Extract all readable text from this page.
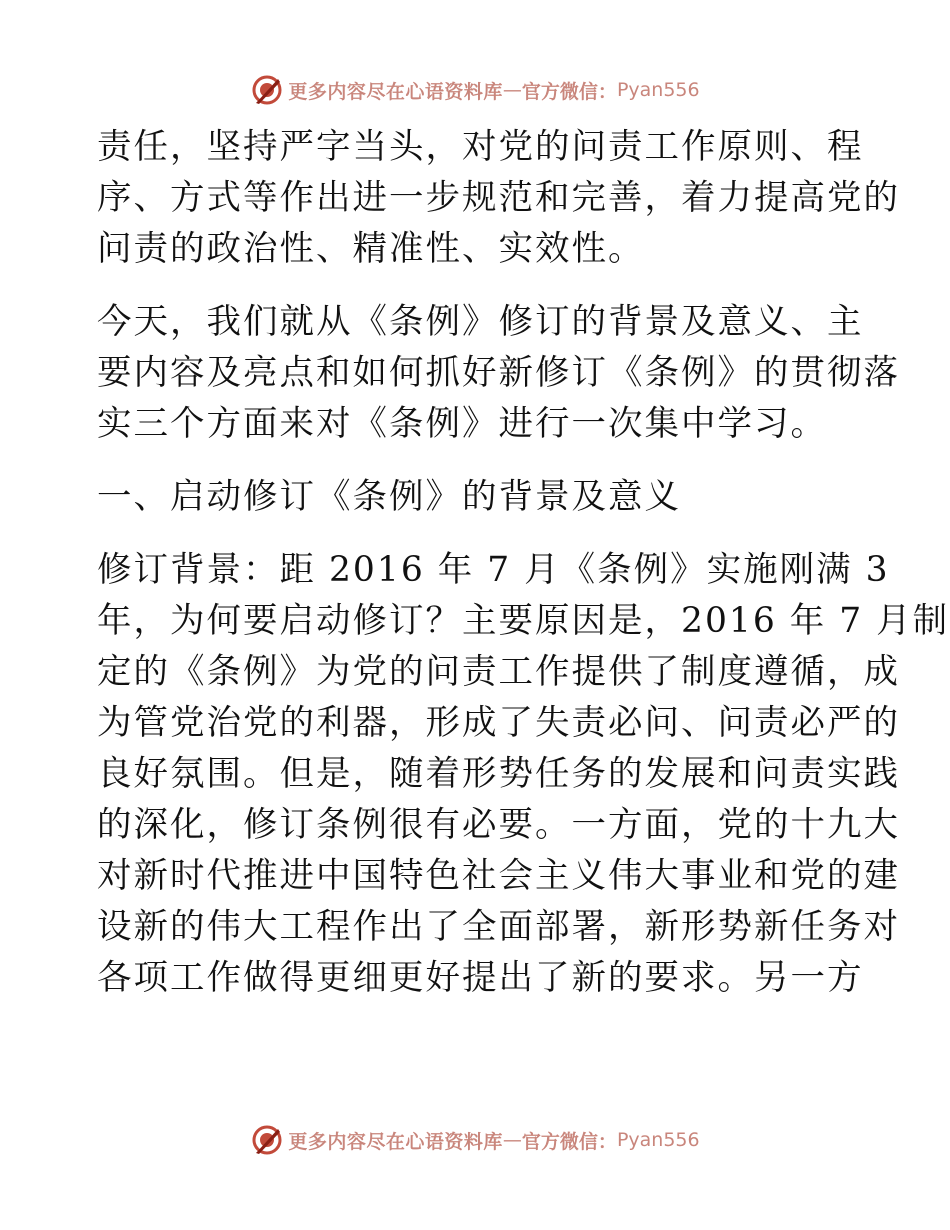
更多内容尽在心语资料库 — 官方微信： Pyan556
责任，坚持严字当头，对党的问责工作原则、程
序、方式等作出进一步规范和完善，着力提高党的
问责的政治性、精准性、实效性。
今天，我们就从《条例》修订的背景及意义、主
要内容及亮点和如何抓好新修订《条例》的贯彻落
实三个方面来对《条例》进行一次集中学习。
一、启动修订《条例》的背景及意义
修订背景：距 2016 年 7 月《条例》实施刚满 3
年，为何要启动修订？主要原因是，2016 年 7 月制
定的《条例》为党的问责工作提供了制度遵循，成
为管党治党的利器，形成了失责必问、问责必严的
良好氛围。但是，随着形势任务的发展和问责实践
的深化，修订条例很有必要。一方面，党的十九大
对新时代推进中国特色社会主义伟大事业和党的建
设新的伟大工程作出了全面部署，新形势新任务对
各项工作做得更细更好提出了新的要求。另一方
更多内容尽在心语资料库 — 官方微信： Pyan556
